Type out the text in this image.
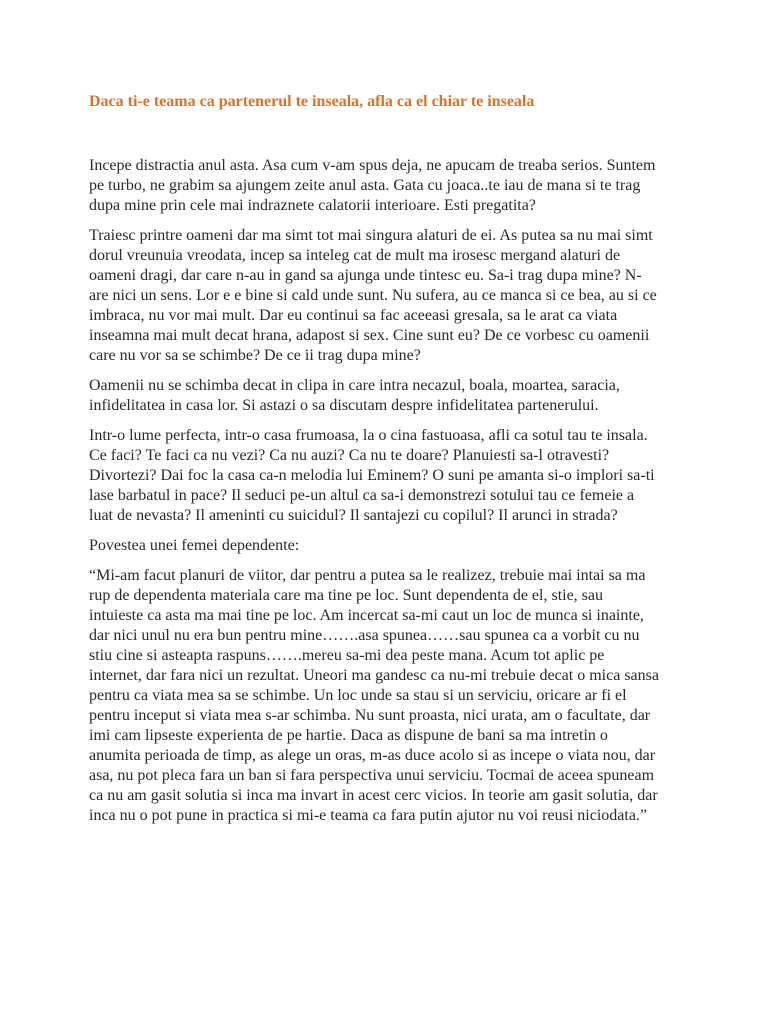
Daca ti-e teama ca partenerul te inseala, afla ca el chiar te inseala
Incepe distractia anul asta. Asa cum v-am spus deja, ne apucam de treaba serios. Suntem pe turbo, ne grabim sa ajungem zeite anul asta. Gata cu joaca..te iau de mana si te trag dupa mine prin cele mai indraznete calatorii interioare. Esti pregatita?
Traiesc printre oameni dar ma simt tot mai singura alaturi de ei. As putea sa nu mai simt dorul vreunuia vreodata, incep sa inteleg cat de mult ma irosesc mergand alaturi de oameni dragi, dar care n-au in gand sa ajunga unde tintesc eu. Sa-i trag dupa mine? N-are nici un sens. Lor e e bine si cald unde sunt. Nu sufera, au ce manca si ce bea, au si ce imbraca, nu vor mai mult. Dar eu continui sa fac aceeasi gresala, sa le arat ca viata inseamna mai mult decat hrana, adapost si sex. Cine sunt eu? De ce vorbesc cu oamenii care nu vor sa se schimbe? De ce ii trag dupa mine?
Oamenii nu se schimba decat in clipa in care intra necazul, boala, moartea, saracia, infidelitatea in casa lor. Si astazi o sa discutam despre infidelitatea partenerului.
Intr-o lume perfecta, intr-o casa frumoasa, la o cina fastuoasa, afli ca sotul tau te insala. Ce faci? Te faci ca nu vezi? Ca nu auzi? Ca nu te doare? Planuiesti sa-l otravesti? Divortezi? Dai foc la casa ca-n melodia lui Eminem? O suni pe amanta si-o implori sa-ti lase barbatul in pace? Il seduci pe-un altul ca sa-i demonstrezi sotului tau ce femeie a luat de nevasta? Il ameninti cu suicidul? Il santajezi cu copilul? Il arunci in strada?
Povestea unei femei dependente:
“Mi-am facut planuri de viitor, dar pentru a putea sa le realizez, trebuie mai intai sa ma rup de dependenta materiala care ma tine pe loc. Sunt dependenta de el, stie, sau intuieste ca asta ma mai tine pe loc. Am incercat sa-mi caut un loc de munca si inainte, dar nici unul nu era bun pentru mine…….asa spunea……sau spunea ca a vorbit cu nu stiu cine si asteapta raspuns…….mereu sa-mi dea peste mana. Acum tot aplic pe internet, dar fara nici un rezultat. Uneori ma gandesc ca nu-mi trebuie decat o mica sansa pentru ca viata mea sa se schimbe. Un loc unde sa stau si un serviciu, oricare ar fi el pentru inceput si viata mea s-ar schimba. Nu sunt proasta, nici urata, am o facultate, dar imi cam lipseste experienta de pe hartie. Daca as dispune de bani sa ma intretin o anumita perioada de timp, as alege un oras, m-as duce acolo si as incepe o viata nou, dar asa, nu pot pleca fara un ban si fara perspectiva unui serviciu. Tocmai de aceea spuneam ca nu am gasit solutia si inca ma invart in acest cerc vicios. In teorie am gasit solutia, dar inca nu o pot pune in practica si mi-e teama ca fara putin ajutor nu voi reusi niciodata.”
